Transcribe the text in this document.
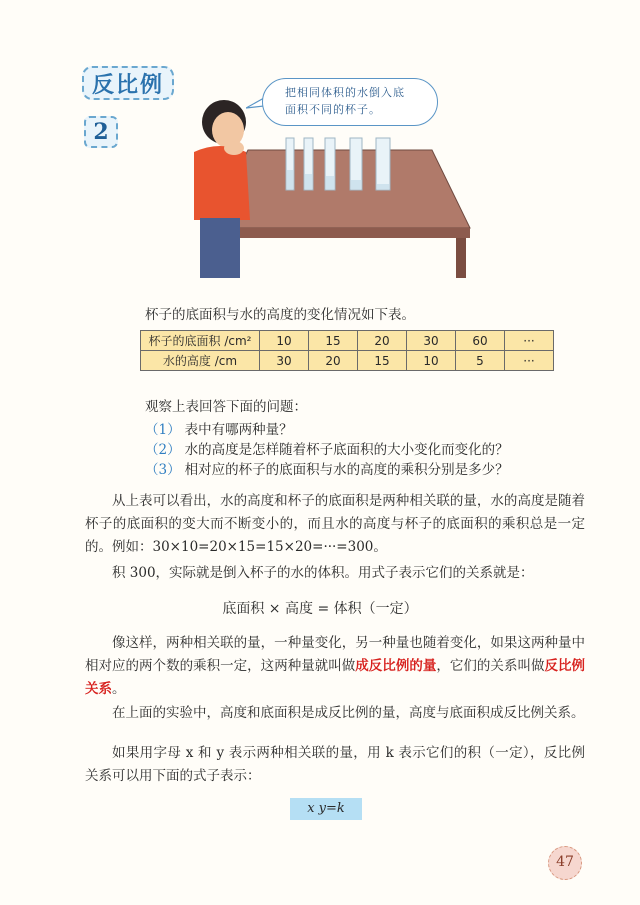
反比例
2
把相同体积的水倒入底
面积不同的杯子。
杯子的底面积与水的高度的变化情况如下表。
杯子的底面积 /cm²	10	15	20	30	60	···
水的高度 /cm	30	20	15	10	5	···
观察上表回答下面的问题：
（1） 表中有哪两种量？
（2） 水的高度是怎样随着杯子底面积的大小变化而变化的？
（3） 相对应的杯子的底面积与水的高度的乘积分别是多少？
从上表可以看出，水的高度和杯子的底面积是两种相关联的量，水的高度是随着杯子的底面积的变大而不断变小的，而且水的高度与杯子的底面积的乘积总是一定的。例如：30×10=20×15=15×20=···=300。
积 300，实际就是倒入杯子的水的体积。用式子表示它们的关系就是：
底面积 × 高度 = 体积（一定）
像这样，两种相关联的量，一种量变化，另一种量也随着变化，如果这两种量中相对应的两个数的乘积一定，这两种量就叫做成反比例的量，它们的关系叫做反比例关系。
在上面的实验中，高度和底面积是成反比例的量，高度与底面积成反比例关系。
如果用字母 x 和 y 表示两种相关联的量，用 k 表示它们的积（一定），反比例关系可以用下面的式子表示：
x y=k
47
